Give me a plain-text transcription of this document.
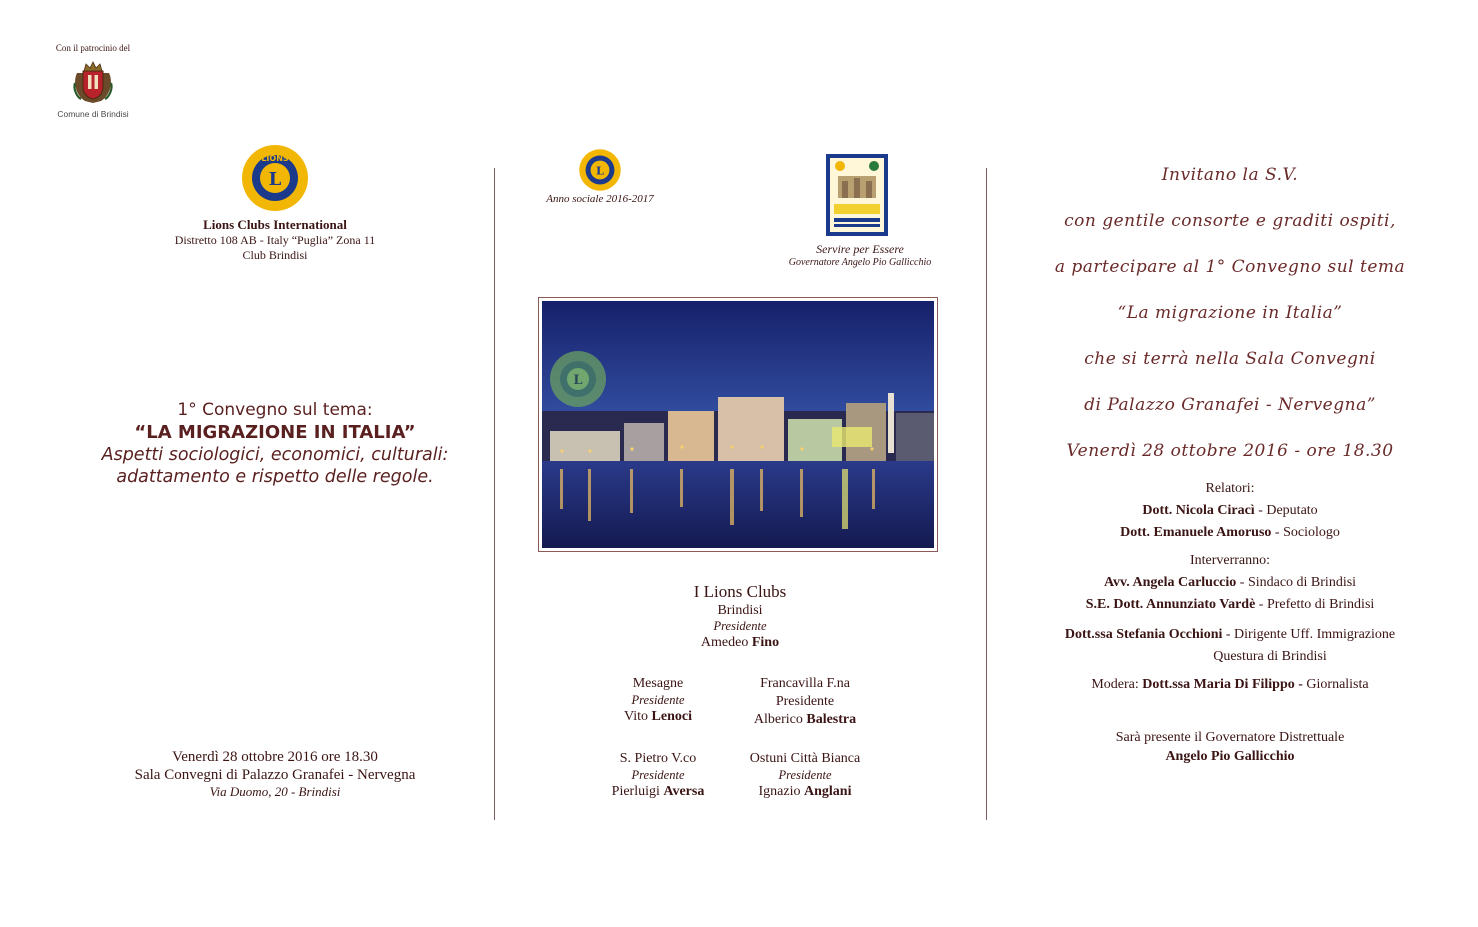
Con il patrocinio del
Comune di Brindisi
L
LIONS
Lions Clubs International
Distretto 108 AB - Italy “Puglia” Zona 11
Club Brindisi
1° Convegno sul tema:
“LA MIGRAZIONE IN ITALIA”
Aspetti sociologici, economici, culturali:
adattamento e rispetto delle regole.
Venerdì 28 ottobre 2016 ore 18.30
Sala Convegni di Palazzo Granafei - Nervegna
Via Duomo, 20 - Brindisi
L
Anno sociale 2016-2017
Servire per Essere
Governatore Angelo Pio Gallicchio
L
I Lions Clubs
Brindisi
Presidente
Amedeo Fino
Mesagne
Presidente
Vito Lenoci
Francavilla F.na
Presidente
Alberico Balestra
S. Pietro V.co
Presidente
Pierluigi Aversa
Ostuni Città Bianca
Presidente
Ignazio Anglani
Invitano la S.V.
con gentile consorte e graditi ospiti,
a partecipare al 1° Convegno sul tema
“La migrazione in Italia”
che si terrà nella Sala Convegni
di Palazzo Granafei - Nervegna”
Venerdì 28 ottobre 2016 - ore 18.30
Relatori:
Dott. Nicola Ciracì - Deputato
Dott. Emanuele Amoruso - Sociologo
Interverranno:
Avv. Angela Carluccio - Sindaco di Brindisi
S.E. Dott. Annunziato Vardè - Prefetto di Brindisi
Dott.ssa Stefania Occhioni - Dirigente Uff. Immigrazione
Questura di Brindisi
Modera: Dott.ssa Maria Di Filippo - Giornalista
Sarà presente il Governatore Distrettuale
Angelo Pio Gallicchio
